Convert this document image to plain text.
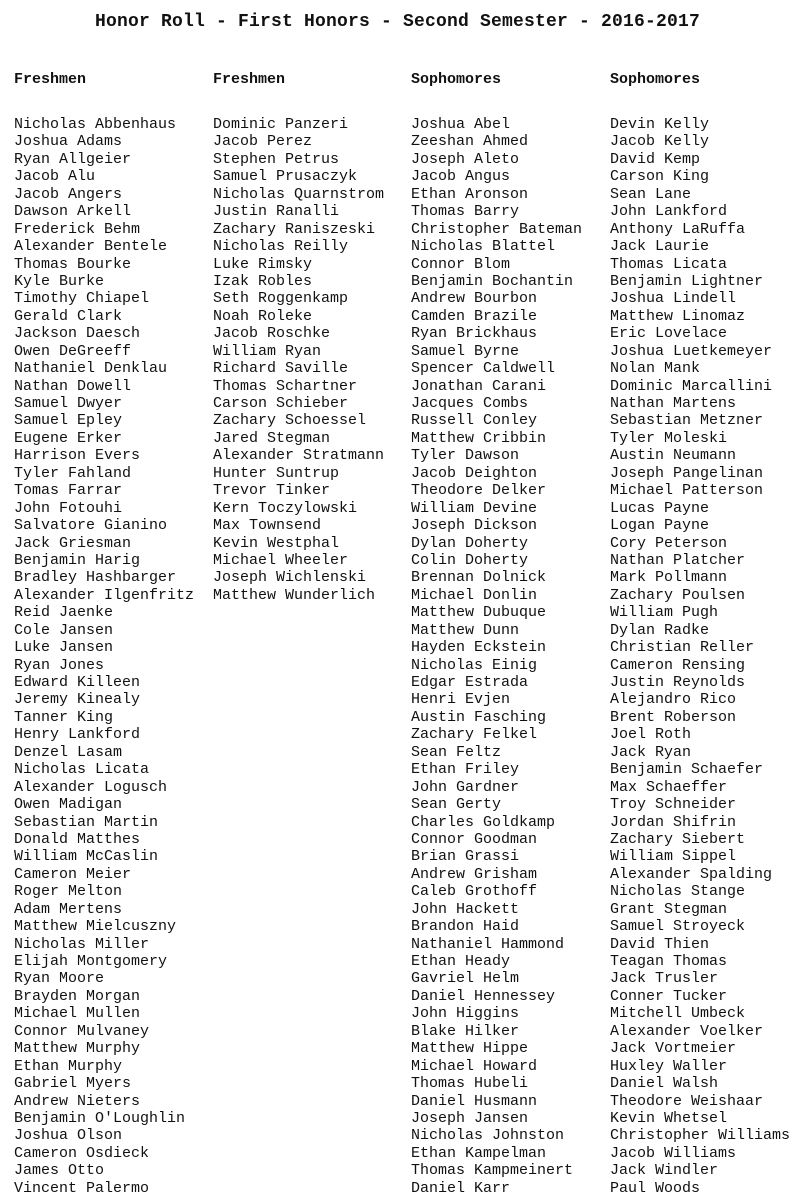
Honor Roll - First Honors - Second Semester - 2016-2017
Freshmen
Nicholas Abbenhaus
Joshua Adams
Ryan Allgeier
Jacob Alu
Jacob Angers
Dawson Arkell
Frederick Behm
Alexander Bentele
Thomas Bourke
Kyle Burke
Timothy Chiapel
Gerald Clark
Jackson Daesch
Owen DeGreeff
Nathaniel Denklau
Nathan Dowell
Samuel Dwyer
Samuel Epley
Eugene Erker
Harrison Evers
Tyler Fahland
Tomas Farrar
John Fotouhi
Salvatore Gianino
Jack Griesman
Benjamin Harig
Bradley Hashbarger
Alexander Ilgenfritz
Reid Jaenke
Cole Jansen
Luke Jansen
Ryan Jones
Edward Killeen
Jeremy Kinealy
Tanner King
Henry Lankford
Denzel Lasam
Nicholas Licata
Alexander Logusch
Owen Madigan
Sebastian Martin
Donald Matthes
William McCaslin
Cameron Meier
Roger Melton
Adam Mertens
Matthew Mielcuszny
Nicholas Miller
Elijah Montgomery
Ryan Moore
Brayden Morgan
Michael Mullen
Connor Mulvaney
Matthew Murphy
Ethan Murphy
Gabriel Myers
Andrew Nieters
Benjamin O'Loughlin
Joshua Olson
Cameron Osdieck
James Otto
Vincent Palermo
Freshmen
Dominic Panzeri
Jacob Perez
Stephen Petrus
Samuel Prusaczyk
Nicholas Quarnstrom
Justin Ranalli
Zachary Raniszeski
Nicholas Reilly
Luke Rimsky
Izak Robles
Seth Roggenkamp
Noah Roleke
Jacob Roschke
William Ryan
Richard Saville
Thomas Schartner
Carson Schieber
Zachary Schoessel
Jared Stegman
Alexander Stratmann
Hunter Suntrup
Trevor Tinker
Kern Toczylowski
Max Townsend
Kevin Westphal
Michael Wheeler
Joseph Wichlenski
Matthew Wunderlich
Sophomores
Joshua Abel
Zeeshan Ahmed
Joseph Aleto
Jacob Angus
Ethan Aronson
Thomas Barry
Christopher Bateman
Nicholas Blattel
Connor Blom
Benjamin Bochantin
Andrew Bourbon
Camden Brazile
Ryan Brickhaus
Samuel Byrne
Spencer Caldwell
Jonathan Carani
Jacques Combs
Russell Conley
Matthew Cribbin
Tyler Dawson
Jacob Deighton
Theodore Delker
William Devine
Joseph Dickson
Dylan Doherty
Colin Doherty
Brennan Dolnick
Michael Donlin
Matthew Dubuque
Matthew Dunn
Hayden Eckstein
Nicholas Einig
Edgar Estrada
Henri Evjen
Austin Fasching
Zachary Felkel
Sean Feltz
Ethan Friley
John Gardner
Sean Gerty
Charles Goldkamp
Connor Goodman
Brian Grassi
Andrew Grisham
Caleb Grothoff
John Hackett
Brandon Haid
Nathaniel Hammond
Ethan Heady
Gavriel Helm
Daniel Hennessey
John Higgins
Blake Hilker
Matthew Hippe
Michael Howard
Thomas Hubeli
Daniel Husmann
Joseph Jansen
Nicholas Johnston
Ethan Kampelman
Thomas Kampmeinert
Daniel Karr
Sophomores
Devin Kelly
Jacob Kelly
David Kemp
Carson King
Sean Lane
John Lankford
Anthony LaRuffa
Jack Laurie
Thomas Licata
Benjamin Lightner
Joshua Lindell
Matthew Linomaz
Eric Lovelace
Joshua Luetkemeyer
Nolan Mank
Dominic Marcallini
Nathan Martens
Sebastian Metzner
Tyler Moleski
Austin Neumann
Joseph Pangelinan
Michael Patterson
Lucas Payne
Logan Payne
Cory Peterson
Nathan Platcher
Mark Pollmann
Zachary Poulsen
William Pugh
Dylan Radke
Christian Reller
Cameron Rensing
Justin Reynolds
Alejandro Rico
Brent Roberson
Joel Roth
Jack Ryan
Benjamin Schaefer
Max Schaeffer
Troy Schneider
Jordan Shifrin
Zachary Siebert
William Sippel
Alexander Spalding
Nicholas Stange
Grant Stegman
Samuel Stroyeck
David Thien
Teagan Thomas
Jack Trusler
Conner Tucker
Mitchell Umbeck
Alexander Voelker
Jack Vortmeier
Huxley Waller
Daniel Walsh
Theodore Weishaar
Kevin Whetsel
Christopher Williams
Jacob Williams
Jack Windler
Paul Woods
